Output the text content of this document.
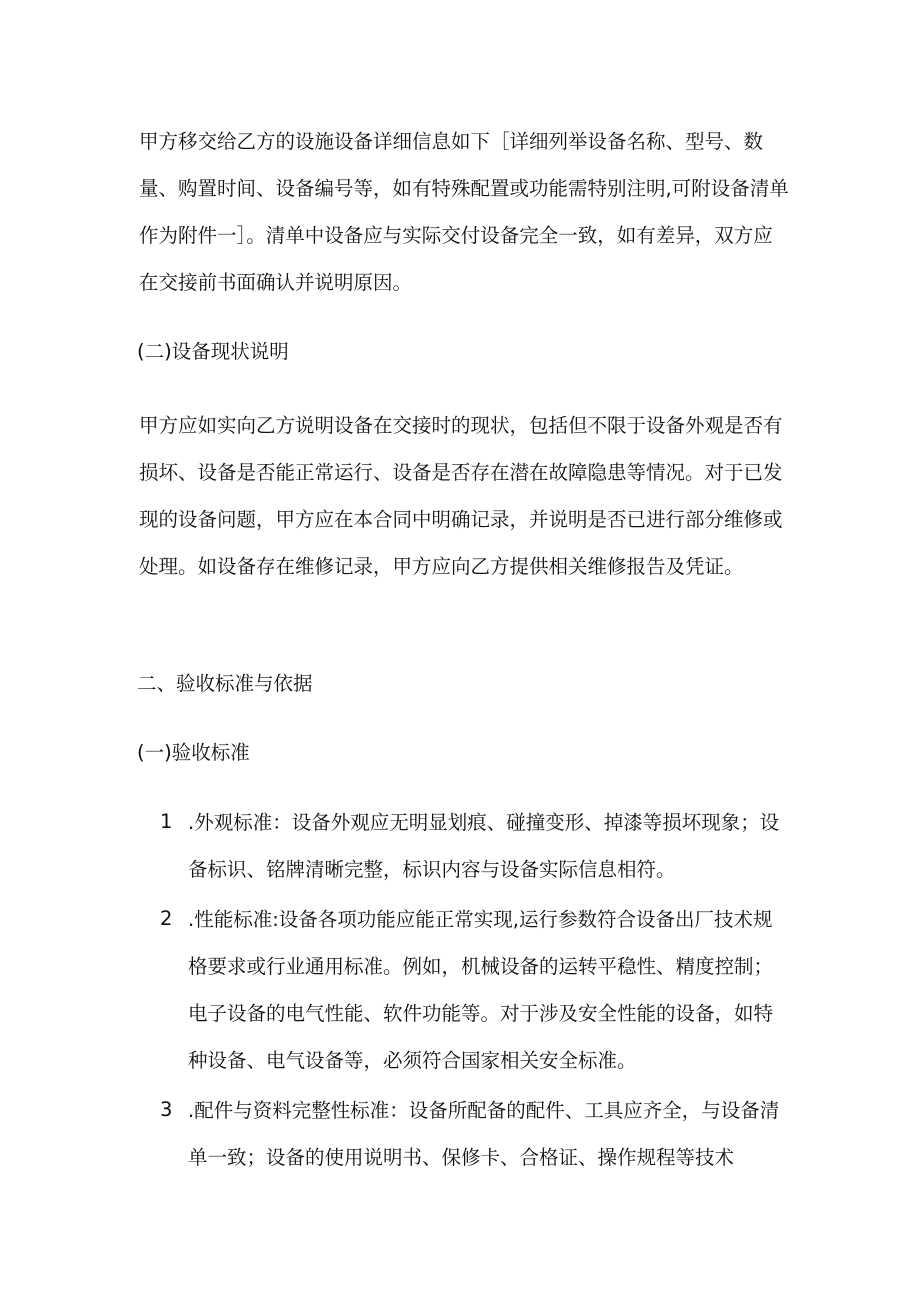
甲方移交给乙方的设施设备详细信息如下［详细列举设备名称、型号、数量、购置时间、设备编号等，如有特殊配置或功能需特别注明,可附设备清单作为附件一］。清单中设备应与实际交付设备完全一致，如有差异，双方应在交接前书面确认并说明原因。

(二)设备现状说明

甲方应如实向乙方说明设备在交接时的现状，包括但不限于设备外观是否有损坏、设备是否能正常运行、设备是否存在潜在故障隐患等情况。对于已发现的设备问题，甲方应在本合同中明确记录，并说明是否已进行部分维修或处理。如设备存在维修记录，甲方应向乙方提供相关维修报告及凭证。

二、验收标准与依据

(一)验收标准

1 .外观标准：设备外观应无明显划痕、碰撞变形、掉漆等损坏现象；设备标识、铭牌清晰完整，标识内容与设备实际信息相符。
2 .性能标准:设备各项功能应能正常实现,运行参数符合设备出厂技术规格要求或行业通用标准。例如，机械设备的运转平稳性、精度控制；电子设备的电气性能、软件功能等。对于涉及安全性能的设备，如特种设备、电气设备等，必须符合国家相关安全标准。
3 .配件与资料完整性标准：设备所配备的配件、工具应齐全，与设备清单一致；设备的使用说明书、保修卡、合格证、操作规程等技术
